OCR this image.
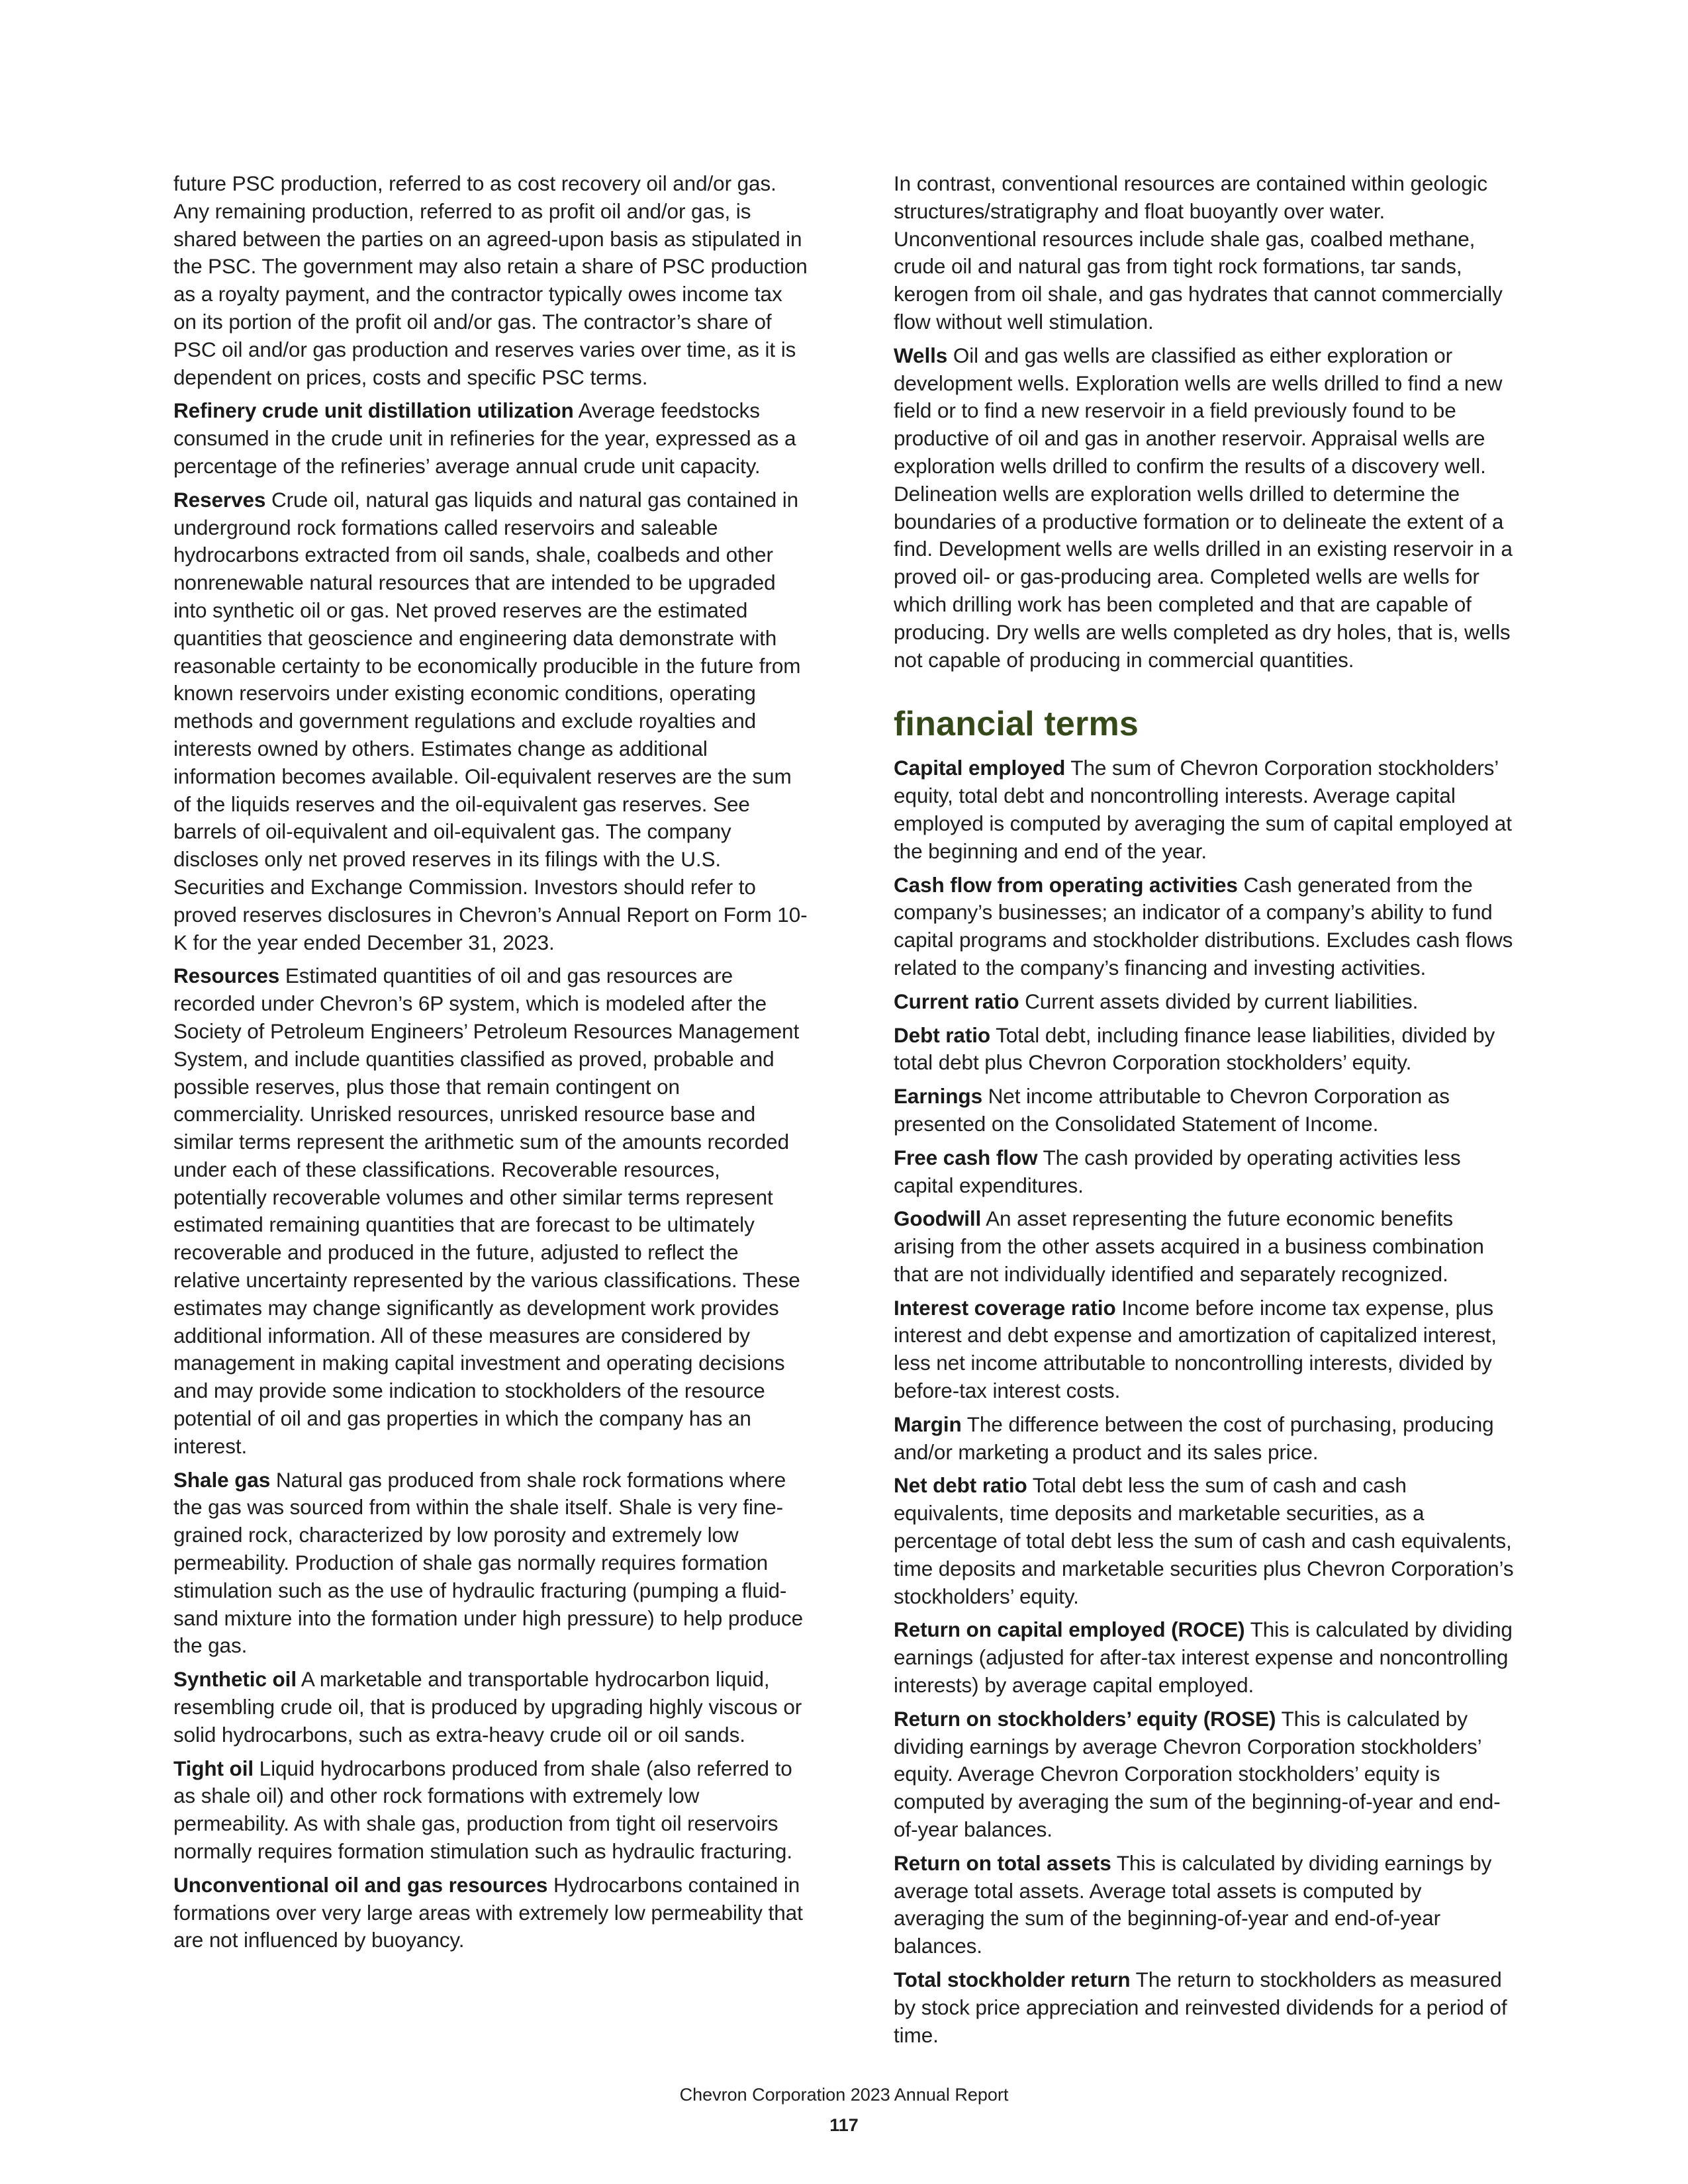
future PSC production, referred to as cost recovery oil and/or gas. Any remaining production, referred to as profit oil and/or gas, is shared between the parties on an agreed-upon basis as stipulated in the PSC. The government may also retain a share of PSC production as a royalty payment, and the contractor typically owes income tax on its portion of the profit oil and/or gas. The contractor’s share of PSC oil and/or gas production and reserves varies over time, as it is dependent on prices, costs and specific PSC terms.

Refinery crude unit distillation utilization Average feedstocks consumed in the crude unit in refineries for the year, expressed as a percentage of the refineries’ average annual crude unit capacity.

Reserves Crude oil, natural gas liquids and natural gas contained in underground rock formations called reservoirs and saleable hydrocarbons extracted from oil sands, shale, coalbeds and other nonrenewable natural resources that are intended to be upgraded into synthetic oil or gas. Net proved reserves are the estimated quantities that geoscience and engineering data demonstrate with reasonable certainty to be economically producible in the future from known reservoirs under existing economic conditions, operating methods and government regulations and exclude royalties and interests owned by others. Estimates change as additional information becomes available. Oil-equivalent reserves are the sum of the liquids reserves and the oil-equivalent gas reserves. See barrels of oil-equivalent and oil-equivalent gas. The company discloses only net proved reserves in its filings with the U.S. Securities and Exchange Commission. Investors should refer to proved reserves disclosures in Chevron’s Annual Report on Form 10-K for the year ended December 31, 2023.

Resources Estimated quantities of oil and gas resources are recorded under Chevron’s 6P system, which is modeled after the Society of Petroleum Engineers’ Petroleum Resources Management System, and include quantities classified as proved, probable and possible reserves, plus those that remain contingent on commerciality. Unrisked resources, unrisked resource base and similar terms represent the arithmetic sum of the amounts recorded under each of these classifications. Recoverable resources, potentially recoverable volumes and other similar terms represent estimated remaining quantities that are forecast to be ultimately recoverable and produced in the future, adjusted to reflect the relative uncertainty represented by the various classifications. These estimates may change significantly as development work provides additional information. All of these measures are considered by management in making capital investment and operating decisions and may provide some indication to stockholders of the resource potential of oil and gas properties in which the company has an interest.

Shale gas Natural gas produced from shale rock formations where the gas was sourced from within the shale itself. Shale is very fine-grained rock, characterized by low porosity and extremely low permeability. Production of shale gas normally requires formation stimulation such as the use of hydraulic fracturing (pumping a fluid-sand mixture into the formation under high pressure) to help produce the gas.

Synthetic oil A marketable and transportable hydrocarbon liquid, resembling crude oil, that is produced by upgrading highly viscous or solid hydrocarbons, such as extra-heavy crude oil or oil sands.

Tight oil Liquid hydrocarbons produced from shale (also referred to as shale oil) and other rock formations with extremely low permeability. As with shale gas, production from tight oil reservoirs normally requires formation stimulation such as hydraulic fracturing.

Unconventional oil and gas resources Hydrocarbons contained in formations over very large areas with extremely low permeability that are not influenced by buoyancy.

In contrast, conventional resources are contained within geologic structures/stratigraphy and float buoyantly over water. Unconventional resources include shale gas, coalbed methane, crude oil and natural gas from tight rock formations, tar sands, kerogen from oil shale, and gas hydrates that cannot commercially flow without well stimulation.

Wells Oil and gas wells are classified as either exploration or development wells. Exploration wells are wells drilled to find a new field or to find a new reservoir in a field previously found to be productive of oil and gas in another reservoir. Appraisal wells are exploration wells drilled to confirm the results of a discovery well. Delineation wells are exploration wells drilled to determine the boundaries of a productive formation or to delineate the extent of a find. Development wells are wells drilled in an existing reservoir in a proved oil- or gas-producing area. Completed wells are wells for which drilling work has been completed and that are capable of producing. Dry wells are wells completed as dry holes, that is, wells not capable of producing in commercial quantities.

financial terms

Capital employed The sum of Chevron Corporation stockholders’ equity, total debt and noncontrolling interests. Average capital employed is computed by averaging the sum of capital employed at the beginning and end of the year.

Cash flow from operating activities Cash generated from the company’s businesses; an indicator of a company’s ability to fund capital programs and stockholder distributions. Excludes cash flows related to the company’s financing and investing activities.

Current ratio Current assets divided by current liabilities.

Debt ratio Total debt, including finance lease liabilities, divided by total debt plus Chevron Corporation stockholders’ equity.

Earnings Net income attributable to Chevron Corporation as presented on the Consolidated Statement of Income.

Free cash flow The cash provided by operating activities less capital expenditures.

Goodwill An asset representing the future economic benefits arising from the other assets acquired in a business combination that are not individually identified and separately recognized.

Interest coverage ratio Income before income tax expense, plus interest and debt expense and amortization of capitalized interest, less net income attributable to noncontrolling interests, divided by before-tax interest costs.

Margin The difference between the cost of purchasing, producing and/or marketing a product and its sales price.

Net debt ratio Total debt less the sum of cash and cash equivalents, time deposits and marketable securities, as a percentage of total debt less the sum of cash and cash equivalents, time deposits and marketable securities plus Chevron Corporation’s stockholders’ equity.

Return on capital employed (ROCE) This is calculated by dividing earnings (adjusted for after-tax interest expense and noncontrolling interests) by average capital employed.

Return on stockholders’ equity (ROSE) This is calculated by dividing earnings by average Chevron Corporation stockholders’ equity. Average Chevron Corporation stockholders’ equity is computed by averaging the sum of the beginning-of-year and end-of-year balances.

Return on total assets This is calculated by dividing earnings by average total assets. Average total assets is computed by averaging the sum of the beginning-of-year and end-of-year balances.

Total stockholder return The return to stockholders as measured by stock price appreciation and reinvested dividends for a period of time.

Chevron Corporation 2023 Annual Report
117
